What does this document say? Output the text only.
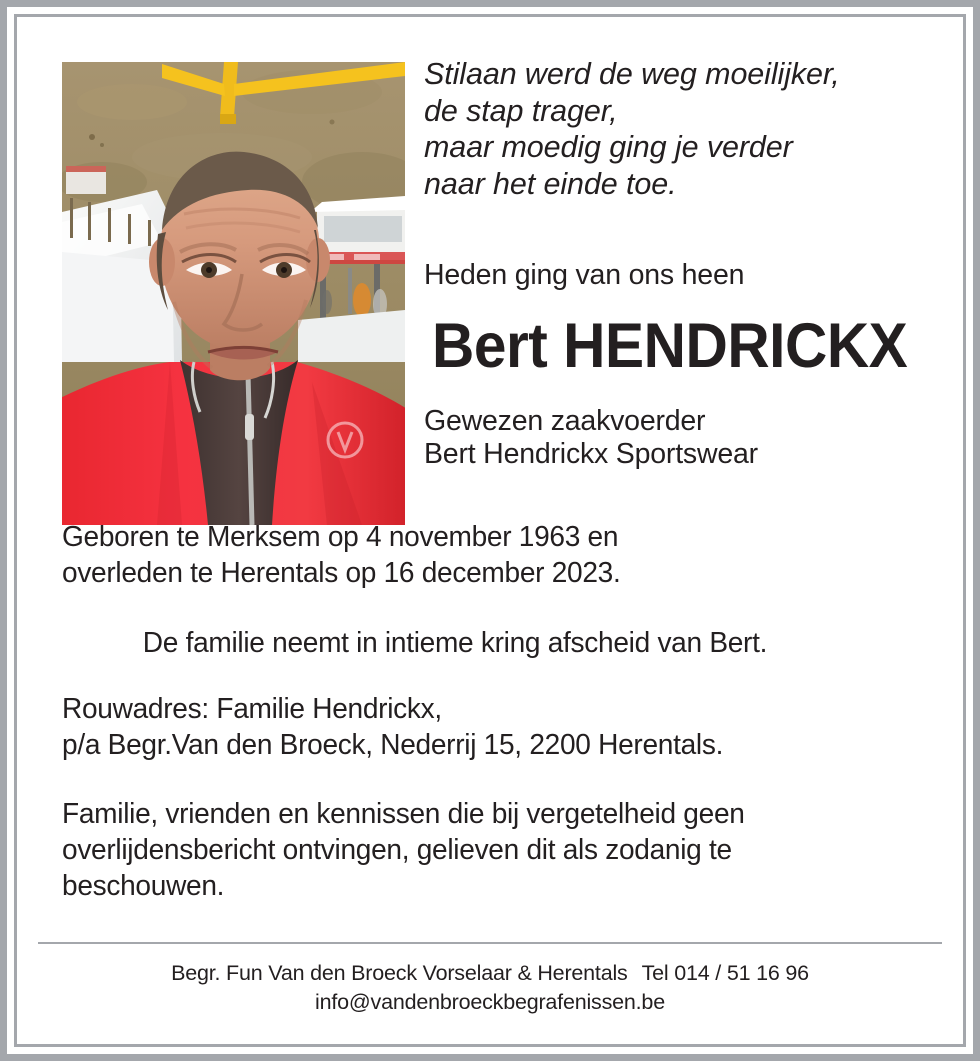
Stilaan werd de weg moeilijker,
de stap trager,
maar moedig ging je verder
naar het einde toe.
Heden ging van ons heen
Bert HENDRICKX
Gewezen zaakvoerder
Bert Hendrickx Sportswear
Geboren te Merksem op 4 november 1963 en
overleden te Herentals op 16 december 2023.
De familie neemt in intieme kring afscheid van Bert.
Rouwadres: Familie Hendrickx,
p/a Begr.Van den Broeck, Nederrij 15, 2200 Herentals.
Familie, vrienden en kennissen die bij vergetelheid geen
overlijdensbericht ontvingen, gelieven dit als zodanig te
beschouwen.
Begr. Fun Van den Broeck Vorselaar & Herentals Tel 014 / 51 16 96
info@vandenbroeckbegrafenissen.be
